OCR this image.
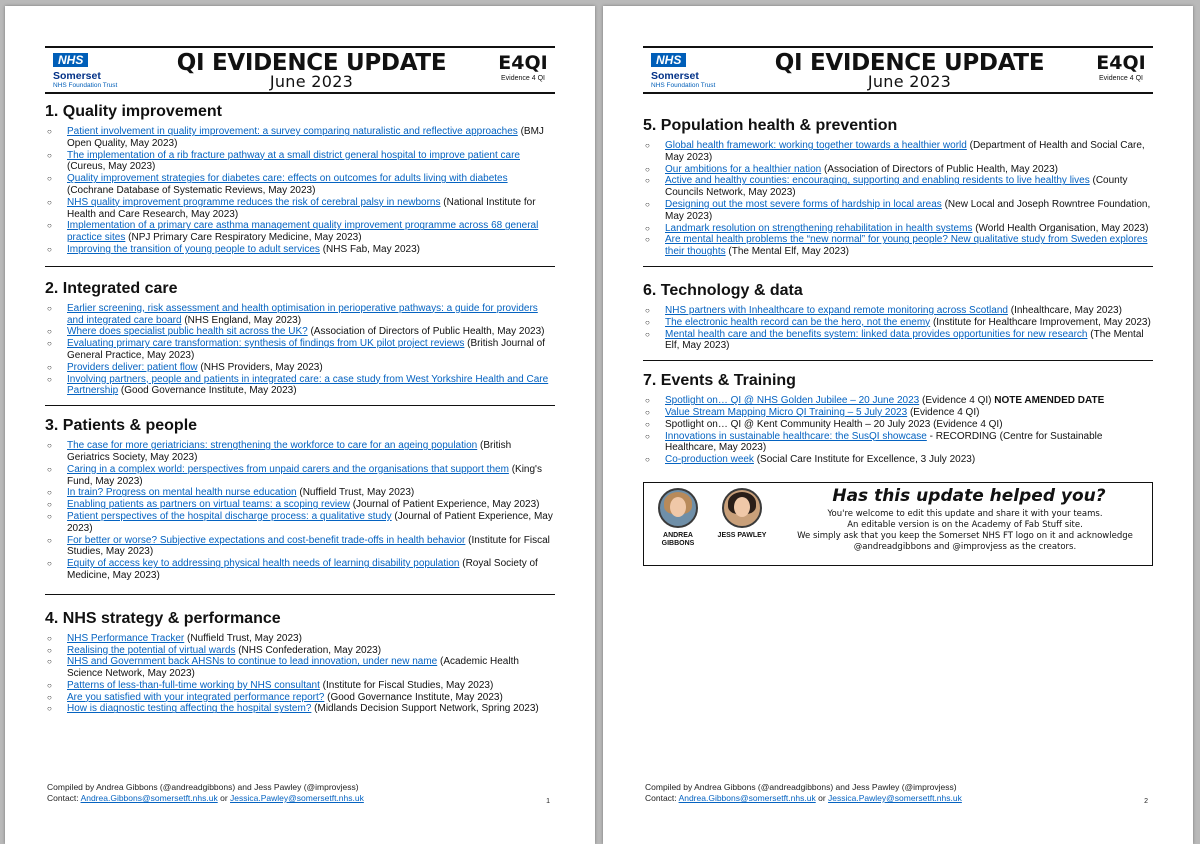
NHS
Somerset
NHS Foundation Trust
QI EVIDENCE UPDATE
June 2023
E4QI
Evidence 4 QI
1. Quality improvement
○ Patient involvement in quality improvement: a survey comparing naturalistic and reflective approaches (BMJ Open Quality, May 2023)
○ The implementation of a rib fracture pathway at a small district general hospital to improve patient care (Cureus, May 2023)
○ Quality improvement strategies for diabetes care: effects on outcomes for adults living with diabetes (Cochrane Database of Systematic Reviews, May 2023)
○ NHS quality improvement programme reduces the risk of cerebral palsy in newborns (National Institute for Health and Care Research, May 2023)
○ Implementation of a primary care asthma management quality improvement programme across 68 general practice sites (NPJ Primary Care Respiratory Medicine, May 2023)
○ Improving the transition of young people to adult services (NHS Fab, May 2023)
2. Integrated care
○ Earlier screening, risk assessment and health optimisation in perioperative pathways: a guide for providers and integrated care board (NHS England, May 2023)
○ Where does specialist public health sit across the UK? (Association of Directors of Public Health, May 2023)
○ Evaluating primary care transformation: synthesis of findings from UK pilot project reviews (British Journal of General Practice, May 2023)
○ Providers deliver: patient flow (NHS Providers, May 2023)
○ Involving partners, people and patients in integrated care: a case study from West Yorkshire Health and Care Partnership (Good Governance Institute, May 2023)
3. Patients & people
○ The case for more geriatricians: strengthening the workforce to care for an ageing population (British Geriatrics Society, May 2023)
○ Caring in a complex world: perspectives from unpaid carers and the organisations that support them (King's Fund, May 2023)
○ In train? Progress on mental health nurse education (Nuffield Trust, May 2023)
○ Enabling patients as partners on virtual teams: a scoping review (Journal of Patient Experience, May 2023)
○ Patient perspectives of the hospital discharge process: a qualitative study (Journal of Patient Experience, May 2023)
○ For better or worse? Subjective expectations and cost-benefit trade-offs in health behavior (Institute for Fiscal Studies, May 2023)
○ Equity of access key to addressing physical health needs of learning disability population (Royal Society of Medicine, May 2023)
4. NHS strategy & performance
○ NHS Performance Tracker (Nuffield Trust, May 2023)
○ Realising the potential of virtual wards (NHS Confederation, May 2023)
○ NHS and Government back AHSNs to continue to lead innovation, under new name (Academic Health Science Network, May 2023)
○ Patterns of less-than-full-time working by NHS consultant (Institute for Fiscal Studies, May 2023)
○ Are you satisfied with your integrated performance report? (Good Governance Institute, May 2023)
○ How is diagnostic testing affecting the hospital system? (Midlands Decision Support Network, Spring 2023)
Compiled by Andrea Gibbons (@andreadgibbons) and Jess Pawley (@improvjess)
Contact: Andrea.Gibbons@somersetft.nhs.uk or Jessica.Pawley@somersetft.nhs.uk	1
NHS
Somerset
NHS Foundation Trust
QI EVIDENCE UPDATE
June 2023
E4QI
Evidence 4 QI
5. Population health & prevention
○ Global health framework: working together towards a healthier world (Department of Health and Social Care, May 2023)
○ Our ambitions for a healthier nation (Association of Directors of Public Health, May 2023)
○ Active and healthy counties: encouraging, supporting and enabling residents to live healthy lives (County Councils Network, May 2023)
○ Designing out the most severe forms of hardship in local areas (New Local and Joseph Rowntree Foundation, May 2023)
○ Landmark resolution on strengthening rehabilitation in health systems (World Health Organisation, May 2023)
○ Are mental health problems the “new normal” for young people? New qualitative study from Sweden explores their thoughts (The Mental Elf, May 2023)
6. Technology & data
○ NHS partners with Inhealthcare to expand remote monitoring across Scotland (Inhealthcare, May 2023)
○ The electronic health record can be the hero, not the enemy (Institute for Healthcare Improvement, May 2023)
○ Mental health care and the benefits system: linked data provides opportunities for new research (The Mental Elf, May 2023)
7. Events & Training
○ Spotlight on… QI @ NHS Golden Jubilee – 20 June 2023 (Evidence 4 QI) NOTE AMENDED DATE
○ Value Stream Mapping Micro QI Training – 5 July 2023 (Evidence 4 QI)
○ Spotlight on… QI @ Kent Community Health – 20 July 2023 (Evidence 4 QI)
○ Innovations in sustainable healthcare: the SusQI showcase - RECORDING (Centre for Sustainable Healthcare, May 2023)
○ Co-production week (Social Care Institute for Excellence, 3 July 2023)
ANDREA GIBBONS
JESS PAWLEY
Has this update helped you?
You're welcome to edit this update and share it with your teams.
An editable version is on the Academy of Fab Stuff site.
We simply ask that you keep the Somerset NHS FT logo on it and acknowledge
@andreadgibbons and @improvjess as the creators.
Compiled by Andrea Gibbons (@andreadgibbons) and Jess Pawley (@improvjess)
Contact: Andrea.Gibbons@somersetft.nhs.uk or Jessica.Pawley@somersetft.nhs.uk	2
